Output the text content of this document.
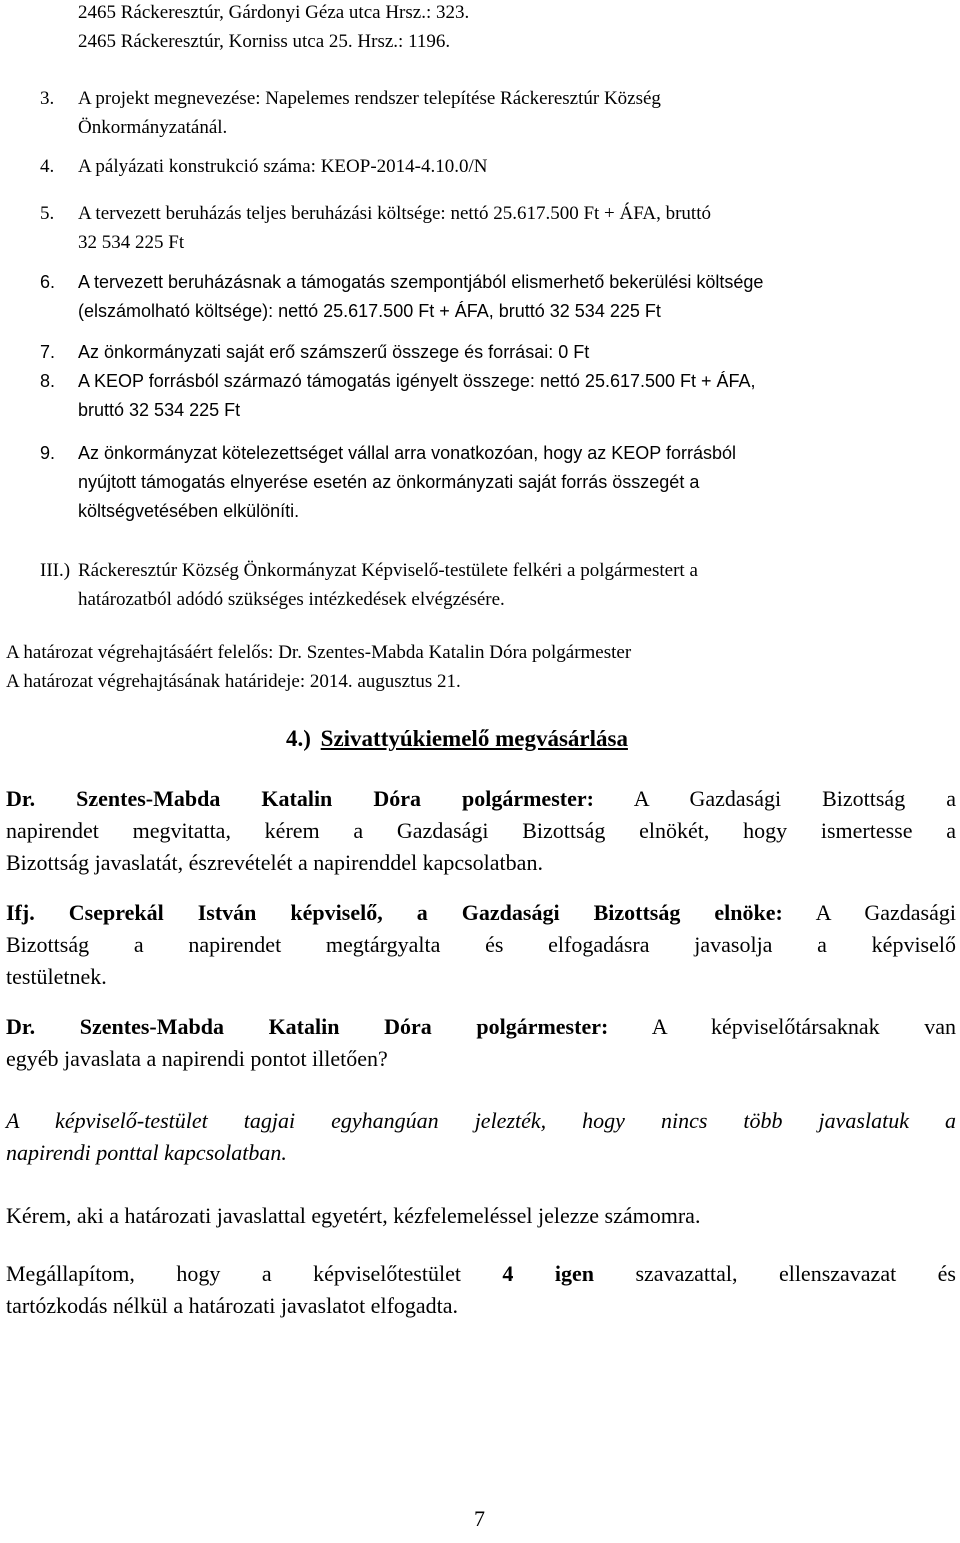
2465 Ráckeresztúr, Gárdonyi Géza utca Hrsz.: 323.
2465 Ráckeresztúr, Korniss utca 25. Hrsz.: 1196.
3. A projekt megnevezése: Napelemes rendszer telepítése Ráckeresztúr Község
Önkormányzatánál.
4. A pályázati konstrukció száma: KEOP-2014-4.10.0/N
5. A tervezett beruházás teljes beruházási költsége: nettó 25.617.500 Ft + ÁFA, bruttó
32 534 225 Ft
6. A tervezett beruházásnak a támogatás szempontjából elismerhető bekerülési költsége
(elszámolható költsége): nettó 25.617.500 Ft + ÁFA, bruttó 32 534 225 Ft
7. Az önkormányzati saját erő számszerű összege és forrásai: 0 Ft
8. A KEOP forrásból származó támogatás igényelt összege: nettó 25.617.500 Ft + ÁFA,
bruttó 32 534 225 Ft
9. Az önkormányzat kötelezettséget vállal arra vonatkozóan, hogy az KEOP forrásból
nyújtott támogatás elnyerése esetén az önkormányzati saját forrás összegét a
költségvetésében elkülöníti.
III.) Ráckeresztúr Község Önkormányzat Képviselő-testülete felkéri a polgármestert a
határozatból adódó szükséges intézkedések elvégzésére.
A határozat végrehajtásáért felelős: Dr. Szentes-Mabda Katalin Dóra polgármester
A határozat végrehajtásának határideje: 2014. augusztus 21.
4.) Szivattyúkiemelő megvásárlása
Dr. Szentes-Mabda Katalin Dóra polgármester: A Gazdasági Bizottság a
napirendet megvitatta, kérem a Gazdasági Bizottság elnökét, hogy ismertesse a
Bizottság javaslatát, észrevételét a napirenddel kapcsolatban.
Ifj. Cseprekál István képviselő, a Gazdasági Bizottság elnöke: A Gazdasági
Bizottság a napirendet megtárgyalta és elfogadásra javasolja a képviselő
testületnek.
Dr. Szentes-Mabda Katalin Dóra polgármester: A képviselőtársaknak van
egyéb javaslata a napirendi pontot illetően?
A képviselő-testület tagjai egyhangúan jelezték, hogy nincs több javaslatuk a
napirendi ponttal kapcsolatban.
Kérem, aki a határozati javaslattal egyetért, kézfelemeléssel jelezze számomra.
Megállapítom, hogy a képviselőtestület 4 igen szavazattal, ellenszavazat és
tartózkodás nélkül a határozati javaslatot elfogadta.
7
